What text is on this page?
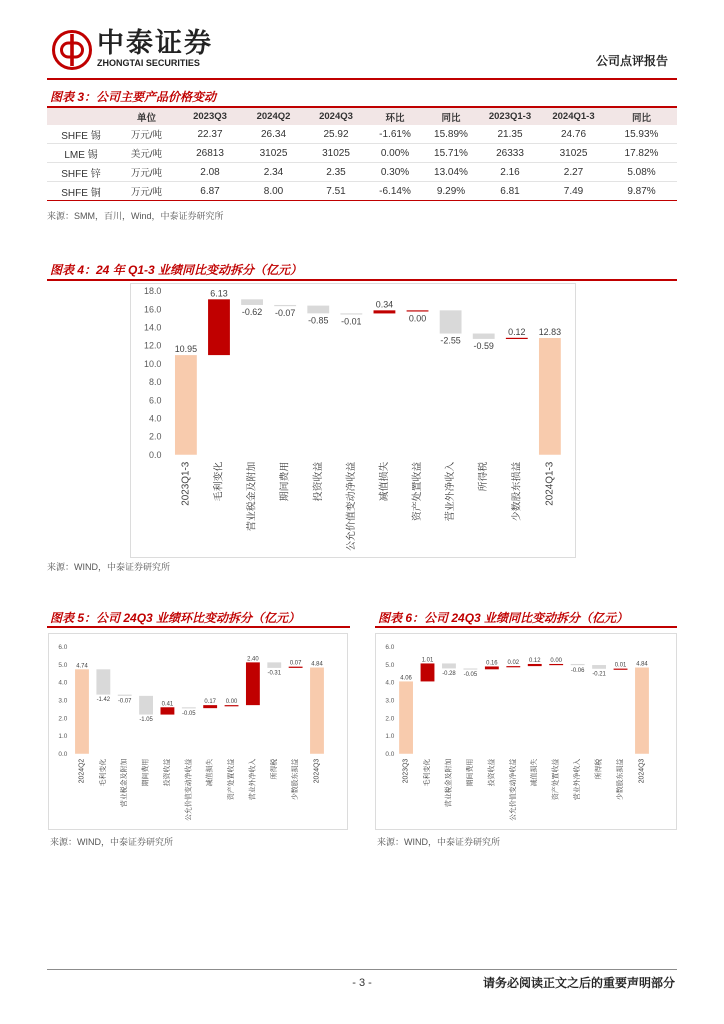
中泰证券
ZHONGTAI SECURITIES	公司点评报告
图表 3：公司主要产品价格变动
	单位	2023Q3	2024Q2	2024Q3	环比	同比	2023Q1-3	2024Q1-3	同比
SHFE 锡	万元/吨	22.37	26.34	25.92	-1.61%	15.89%	21.35	24.76	15.93%
LME 锡	美元/吨	26813	31025	31025	0.00%	15.71%	26333	31025	17.82%
SHFE 锌	万元/吨	2.08	2.34	2.35	0.30%	13.04%	2.16	2.27	5.08%
SHFE 铜	万元/吨	6.87	8.00	7.51	-6.14%	9.29%	6.81	7.49	9.87%
来源：SMM，百川，Wind，中泰证券研究所
图表 4：24 年 Q1-3 业绩同比变动拆分（亿元）
0.0
2.0
4.0
6.0
8.0
10.0
12.0
14.0
16.0
18.0
10.95
2023Q1-3
6.13
毛利变化
-0.62
营业税金及附加
-0.07
期间费用
-0.85
投资收益
-0.01
公允价值变动净收益
0.34
减值损失
0.00
资产处置收益
-2.55
营业外净收入
-0.59
所得税
0.12
少数股东损益
12.83
2024Q1-3
来源：WIND，中泰证券研究所
图表 5：公司 24Q3 业绩环比变动拆分（亿元）
0.0
1.0
2.0
3.0
4.0
5.0
6.0
4.74
2024Q2
-1.42
毛利变化
-0.07
营业税金及附加
-1.05
期间费用
0.41
投资收益
-0.05
公允价值变动净收益
0.17
减值损失
0.00
资产处置收益
2.40
营业外净收入
-0.31
所得税
0.07
少数股东损益
4.84
2024Q3
来源：WIND，中泰证券研究所
图表 6：公司 24Q3 业绩同比变动拆分（亿元）
0.0
1.0
2.0
3.0
4.0
5.0
6.0
4.06
2023Q3
1.01
毛利变化
-0.28
营业税金及附加
-0.05
期间费用
0.16
投资收益
0.02
公允价值变动净收益
0.12
减值损失
0.00
资产处置收益
-0.06
营业外净收入
-0.21
所得税
0.01
少数股东损益
4.84
2024Q3
来源：WIND，中泰证券研究所
- 3 -	请务必阅读正文之后的重要声明部分
